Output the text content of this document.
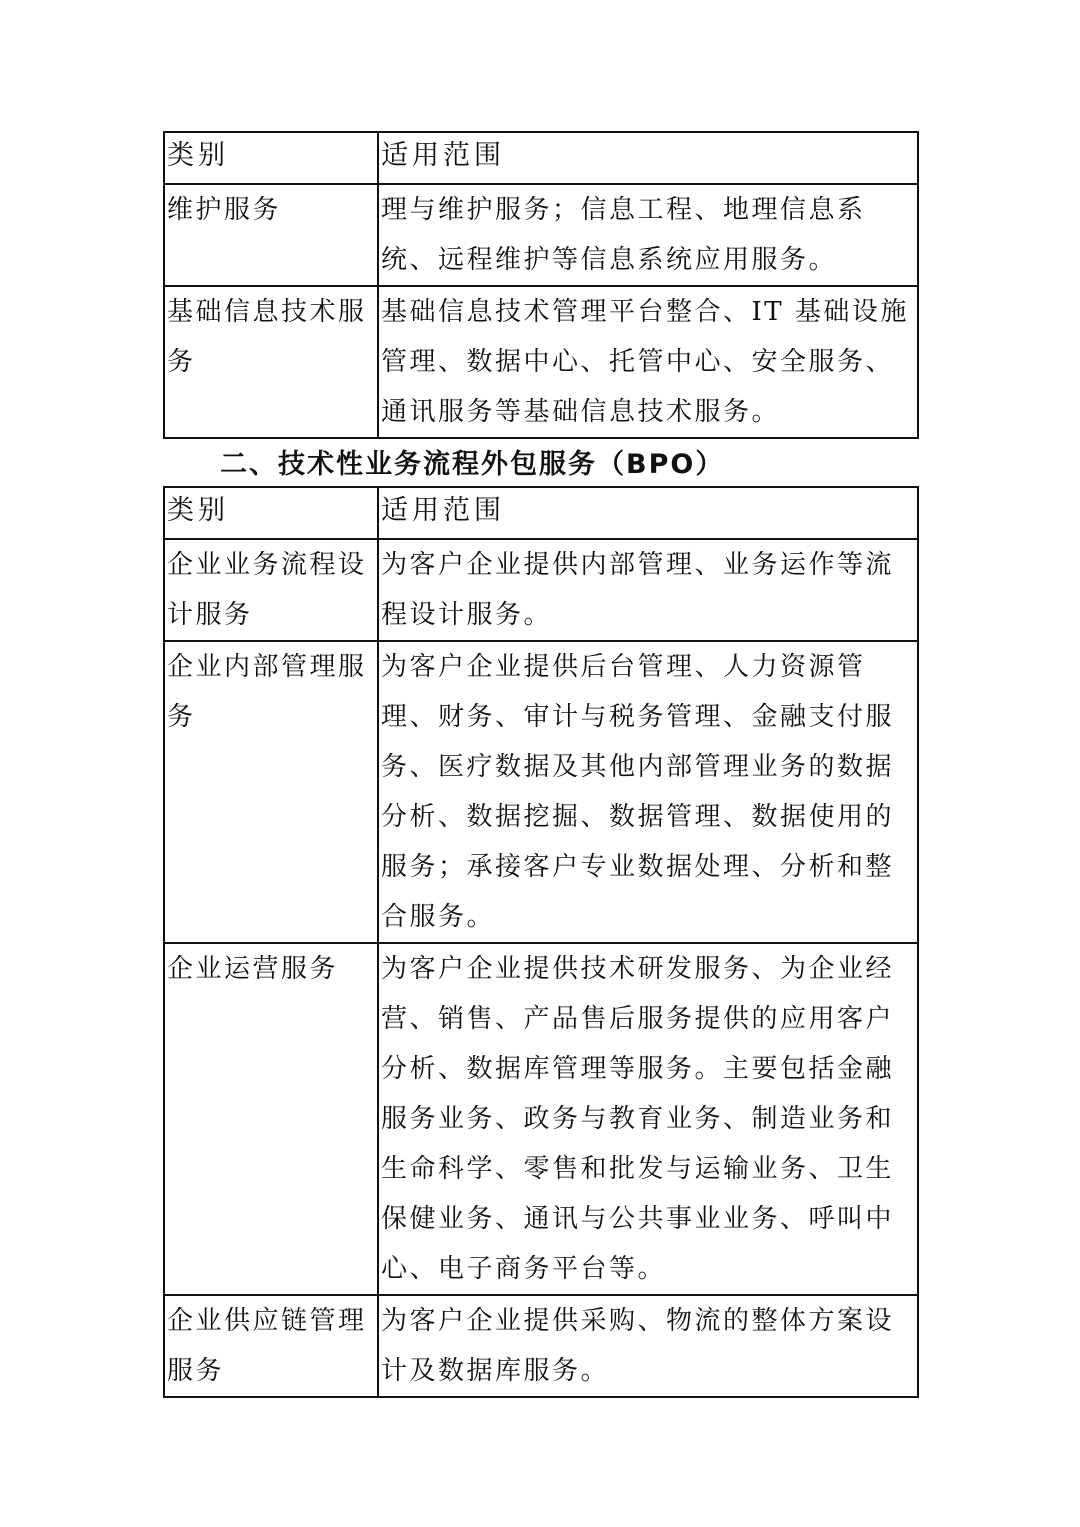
类别	适用范围
维护服务	理与维护服务；信息工程、地理信息系统、远程维护等信息系统应用服务。
基础信息技术服务	基础信息技术管理平台整合、IT 基础设施管理、数据中心、托管中心、安全服务、通讯服务等基础信息技术服务。
二、技术性业务流程外包服务（BPO）
类别	适用范围
企业业务流程设计服务	为客户企业提供内部管理、业务运作等流程设计服务。
企业内部管理服务	为客户企业提供后台管理、人力资源管理、财务、审计与税务管理、金融支付服务、医疗数据及其他内部管理业务的数据分析、数据挖掘、数据管理、数据使用的服务；承接客户专业数据处理、分析和整合服务。
企业运营服务	为客户企业提供技术研发服务、为企业经营、销售、产品售后服务提供的应用客户分析、数据库管理等服务。主要包括金融服务业务、政务与教育业务、制造业务和生命科学、零售和批发与运输业务、卫生保健业务、通讯与公共事业业务、呼叫中心、电子商务平台等。
企业供应链管理服务	为客户企业提供采购、物流的整体方案设计及数据库服务。
